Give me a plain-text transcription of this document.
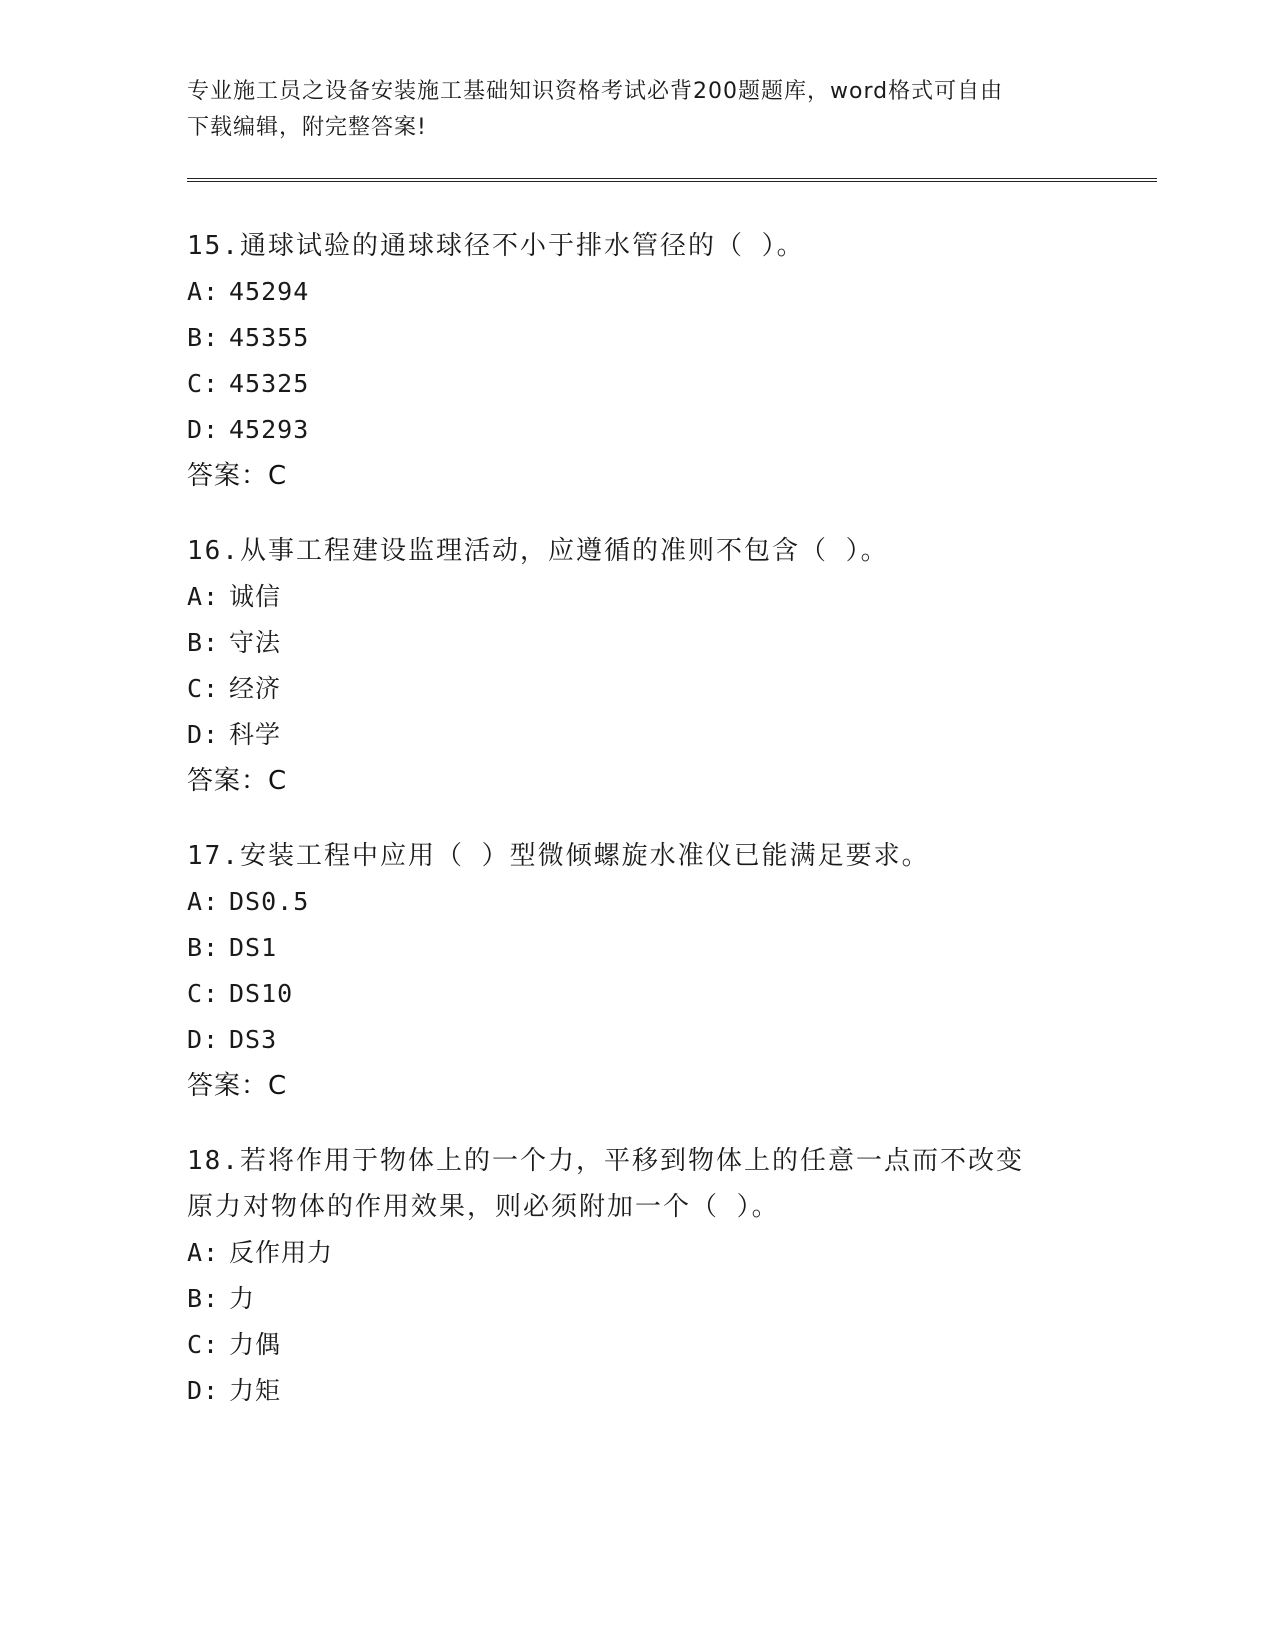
专业施工员之设备安装施工基础知识资格考试必背200题题库，word格式可自由
下载编辑，附完整答案!

15.通球试验的通球球径不小于排水管径的（ ）。

A: 45294
B: 45355
C: 45325
D: 45293
答案：C

16.从事工程建设监理活动，应遵循的准则不包含（ ）。

A: 诚信
B: 守法
C: 经济
D: 科学
答案：C

17.安装工程中应用（ ）型微倾螺旋水准仪已能满足要求。

A: DS0.5
B: DS1
C: DS10
D: DS3
答案：C

18.若将作用于物体上的一个力，平移到物体上的任意一点而不改变原力对物体的作用效果，则必须附加一个（ ）。

A: 反作用力
B: 力
C: 力偶
D: 力矩
